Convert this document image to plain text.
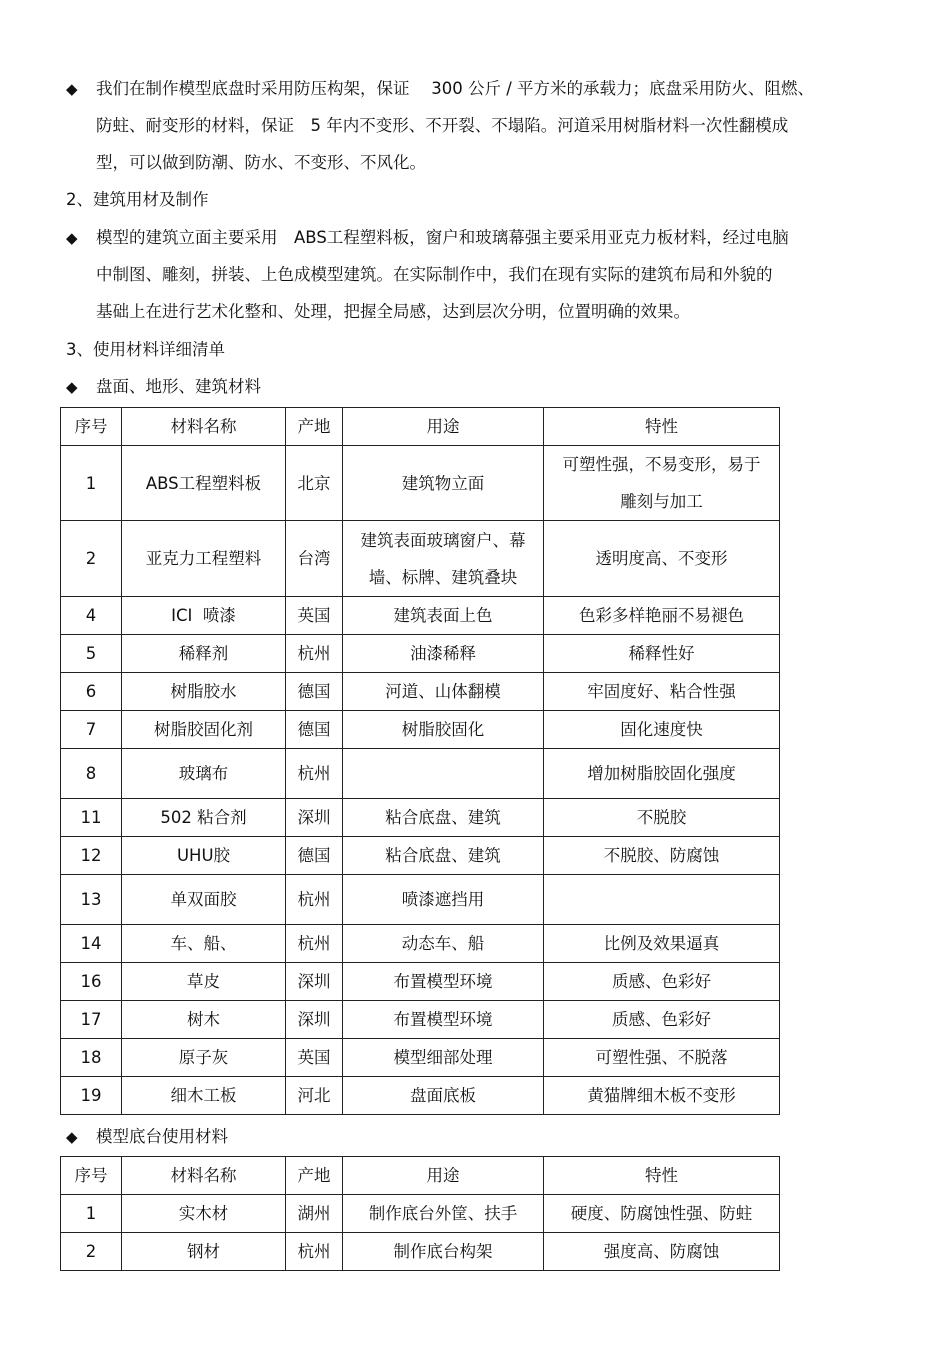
◆ 我们在制作模型底盘时采用防压构架，保证　 300 公斤 / 平方米的承载力；底盘采用防火、阻燃、
防蛀、耐变形的材料，保证　5 年内不变形、不开裂、不塌陷。河道采用树脂材料一次性翻模成
型，可以做到防潮、防水、不变形、不风化。
2、建筑用材及制作
◆ 模型的建筑立面主要采用　ABS工程塑料板，窗户和玻璃幕强主要采用亚克力板材料，经过电脑
中制图、雕刻，拼装、上色成模型建筑。在实际制作中，我们在现有实际的建筑布局和外貌的
基础上在进行艺术化整和、处理，把握全局感，达到层次分明，位置明确的效果。
3、使用材料详细清单
◆ 盘面、地形、建筑材料
序号	材料名称	产地	用途	特性
1	ABS工程塑料板	北京	建筑物立面	可塑性强，不易变形，易于
雕刻与加工

2	亚克力工程塑料	台湾	建筑表面玻璃窗户、幕
墙、标牌、建筑叠块	透明度高、不变形
4	ICI  喷漆	英国	建筑表面上色	色彩多样艳丽不易褪色
5	稀释剂	杭州	油漆稀释	稀释性好
6	树脂胶水	德国	河道、山体翻模	牢固度好、粘合性强
7	树脂胶固化剂	德国	树脂胶固化	固化速度快
8	玻璃布	杭州		增加树脂胶固化强度
11	502 粘合剂	深圳	粘合底盘、建筑	不脱胶
12	UHU胶	德国	粘合底盘、建筑	不脱胶、防腐蚀
13	单双面胶	杭州	喷漆遮挡用	
14	车、船、	杭州	动态车、船	比例及效果逼真
16	草皮	深圳	布置模型环境	质感、色彩好
17	树木	深圳	布置模型环境	质感、色彩好
18	原子灰	英国	模型细部处理	可塑性强、不脱落
19	细木工板	河北	盘面底板	黄猫牌细木板不变形
◆ 模型底台使用材料
序号	材料名称	产地	用途	特性
1	实木材	湖州	制作底台外筐、扶手	硬度、防腐蚀性强、防蛀
2	钢材	杭州	制作底台构架	强度高、防腐蚀
